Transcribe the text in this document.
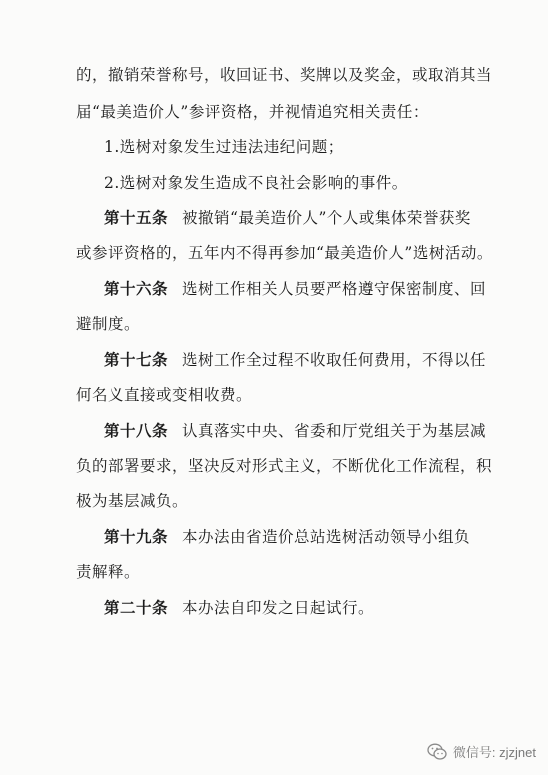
的，撤销荣誉称号，收回证书、奖牌以及奖金，或取消其当
届“最美造价人”参评资格，并视情追究相关责任：
1.选树对象发生过违法违纪问题；
2.选树对象发生造成不良社会影响的事件。
第十五条 被撤销“最美造价人”个人或集体荣誉获奖
或参评资格的，五年内不得再参加“最美造价人”选树活动。
第十六条 选树工作相关人员要严格遵守保密制度、回
避制度。
第十七条 选树工作全过程不收取任何费用，不得以任
何名义直接或变相收费。
第十八条 认真落实中央、省委和厅党组关于为基层减
负的部署要求，坚决反对形式主义，不断优化工作流程，积
极为基层减负。
第十九条 本办法由省造价总站选树活动领导小组负
责解释。
第二十条 本办法自印发之日起试行。
微信号: zjzjnet
